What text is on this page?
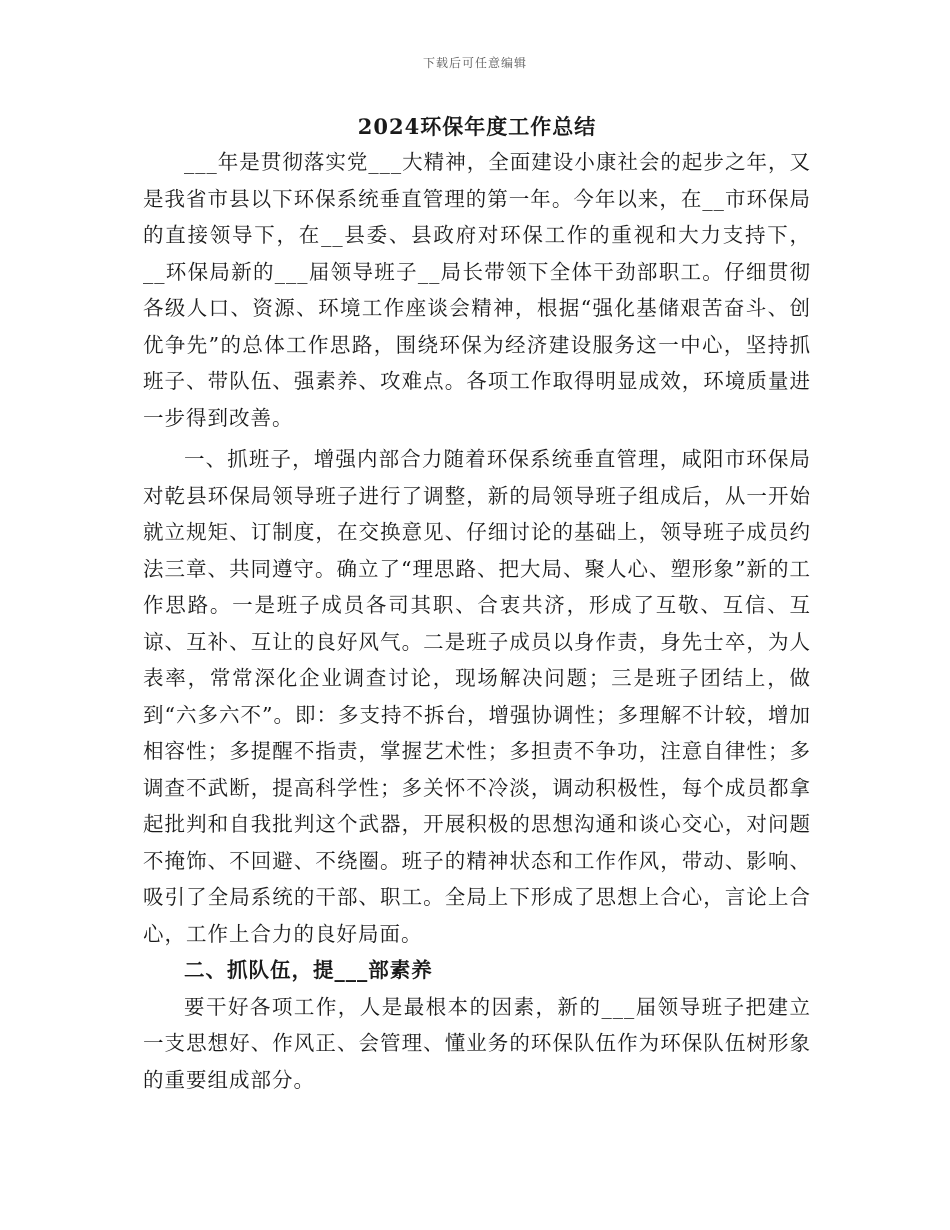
下载后可任意编辑
2024环保年度工作总结

___年是贯彻落实党___大精神，全面建设小康社会的起步之年，又是我省市县以下环保系统垂直管理的第一年。今年以来，在__市环保局的直接领导下，在__县委、县政府对环保工作的重视和大力支持下，__环保局新的___届领导班子__局长带领下全体干劲部职工。仔细贯彻各级人口、资源、环境工作座谈会精神，根据“强化基储艰苦奋斗、创优争先”的总体工作思路，围绕环保为经济建设服务这一中心，坚持抓班子、带队伍、强素养、攻难点。各项工作取得明显成效，环境质量进一步得到改善。

一、抓班子，增强内部合力随着环保系统垂直管理，咸阳市环保局对乾县环保局领导班子进行了调整，新的局领导班子组成后，从一开始就立规矩、订制度，在交换意见、仔细讨论的基础上，领导班子成员约法三章、共同遵守。确立了“理思路、把大局、聚人心、塑形象”新的工作思路。一是班子成员各司其职、合衷共济，形成了互敬、互信、互谅、互补、互让的良好风气。二是班子成员以身作责，身先士卒，为人表率，常常深化企业调查讨论，现场解决问题；三是班子团结上，做到“六多六不”。即：多支持不拆台，增强协调性；多理解不计较，增加相容性；多提醒不指责，掌握艺术性；多担责不争功，注意自律性；多调查不武断，提高科学性；多关怀不冷淡，调动积极性，每个成员都拿起批判和自我批判这个武器，开展积极的思想沟通和谈心交心，对问题不掩饰、不回避、不绕圈。班子的精神状态和工作作风，带动、影响、吸引了全局系统的干部、职工。全局上下形成了思想上合心，言论上合心，工作上合力的良好局面。

二、抓队伍，提___部素养

要干好各项工作，人是最根本的因素，新的___届领导班子把建立一支思想好、作风正、会管理、懂业务的环保队伍作为环保队伍树形象的重要组成部分。
